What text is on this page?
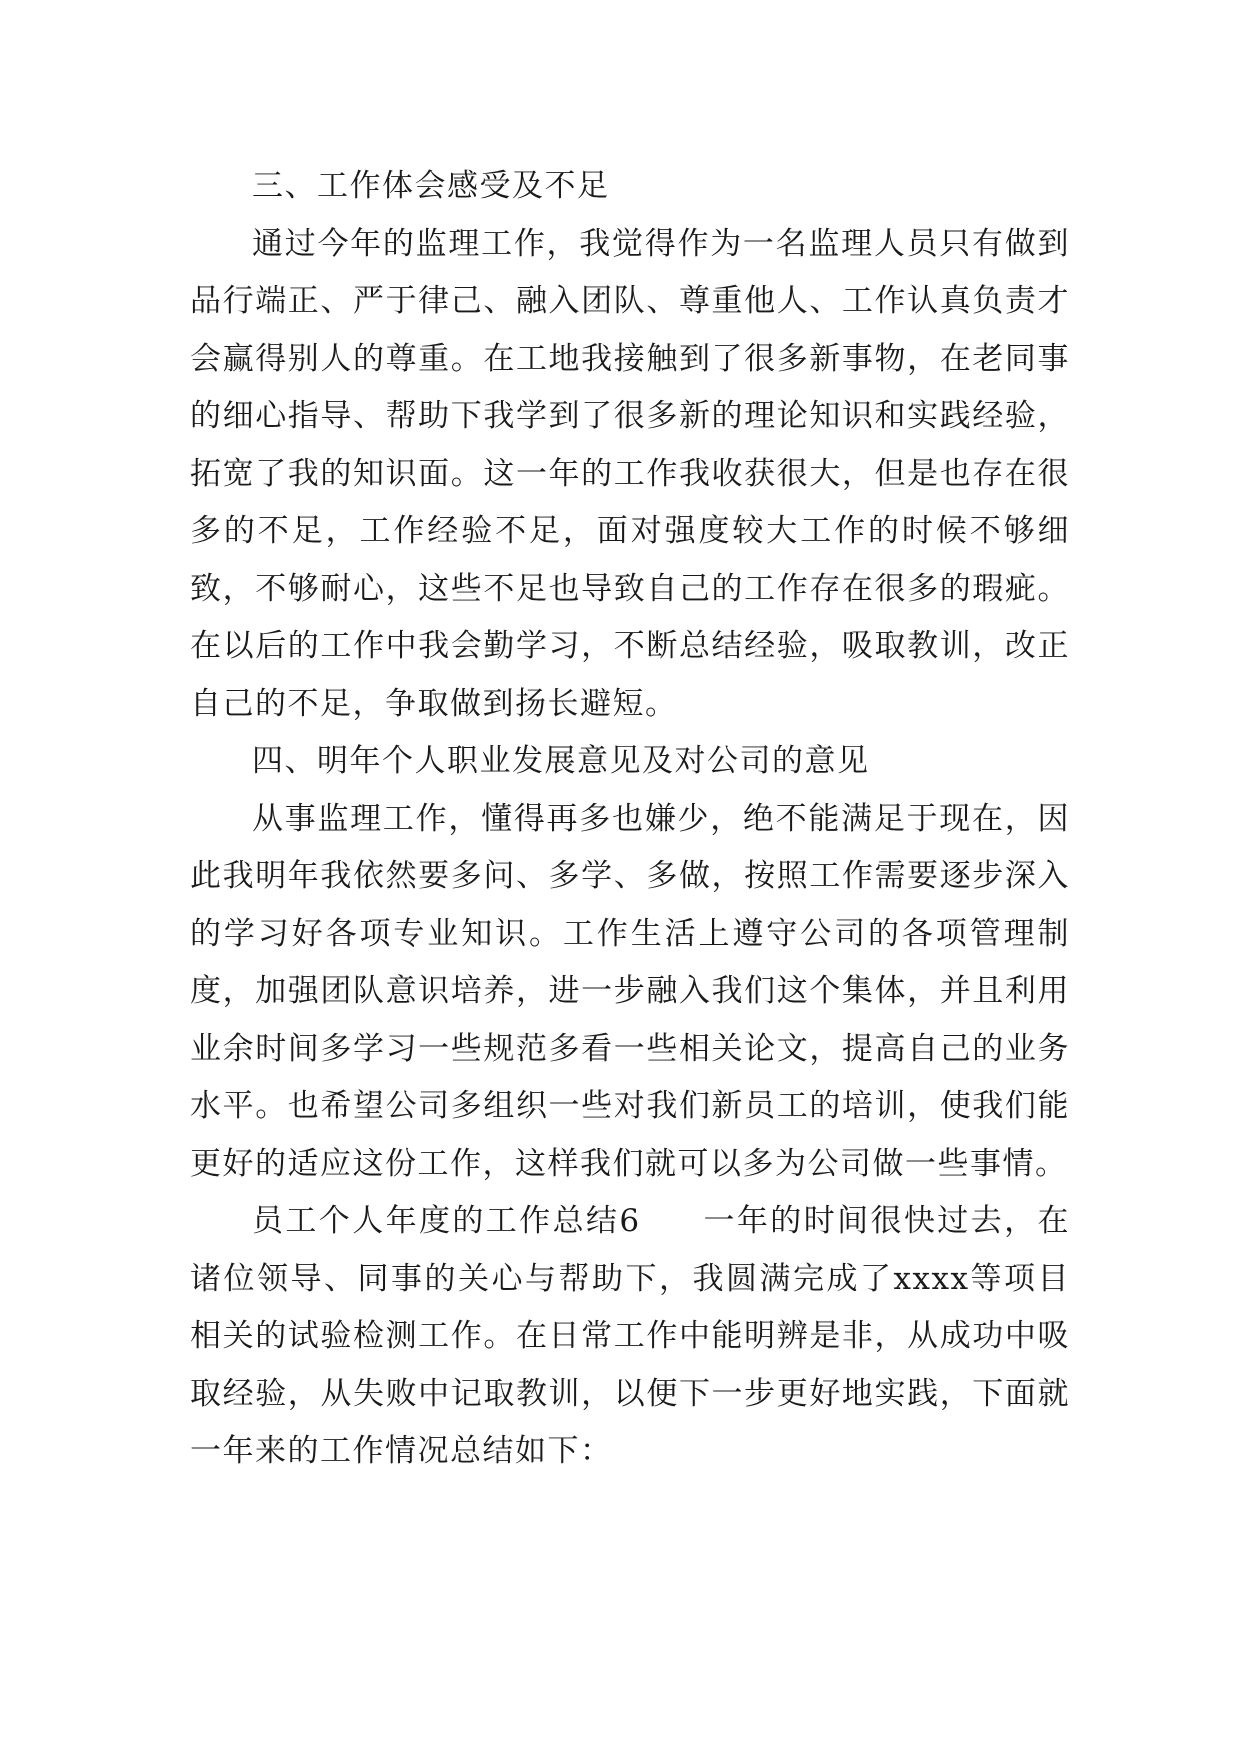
三、工作体会感受及不足

通过今年的监理工作，我觉得作为一名监理人员只有做到品行端正、严于律己、融入团队、尊重他人、工作认真负责才会赢得别人的尊重。在工地我接触到了很多新事物，在老同事的细心指导、帮助下我学到了很多新的理论知识和实践经验，拓宽了我的知识面。这一年的工作我收获很大，但是也存在很多的不足，工作经验不足，面对强度较大工作的时候不够细致，不够耐心，这些不足也导致自己的工作存在很多的瑕疵。在以后的工作中我会勤学习，不断总结经验，吸取教训，改正自己的不足，争取做到扬长避短。

四、明年个人职业发展意见及对公司的意见

从事监理工作，懂得再多也嫌少，绝不能满足于现在，因此我明年我依然要多问、多学、多做，按照工作需要逐步深入的学习好各项专业知识。工作生活上遵守公司的各项管理制度，加强团队意识培养，进一步融入我们这个集体，并且利用业余时间多学习一些规范多看一些相关论文，提高自己的业务水平。也希望公司多组织一些对我们新员工的培训，使我们能更好的适应这份工作，这样我们就可以多为公司做一些事情。

员工个人年度的工作总结6 一年的时间很快过去，在诸位领导、同事的关心与帮助下，我圆满完成了xxxx等项目相关的试验检测工作。在日常工作中能明辨是非，从成功中吸取经验，从失败中记取教训，以便下一步更好地实践，下面就一年来的工作情况总结如下：
